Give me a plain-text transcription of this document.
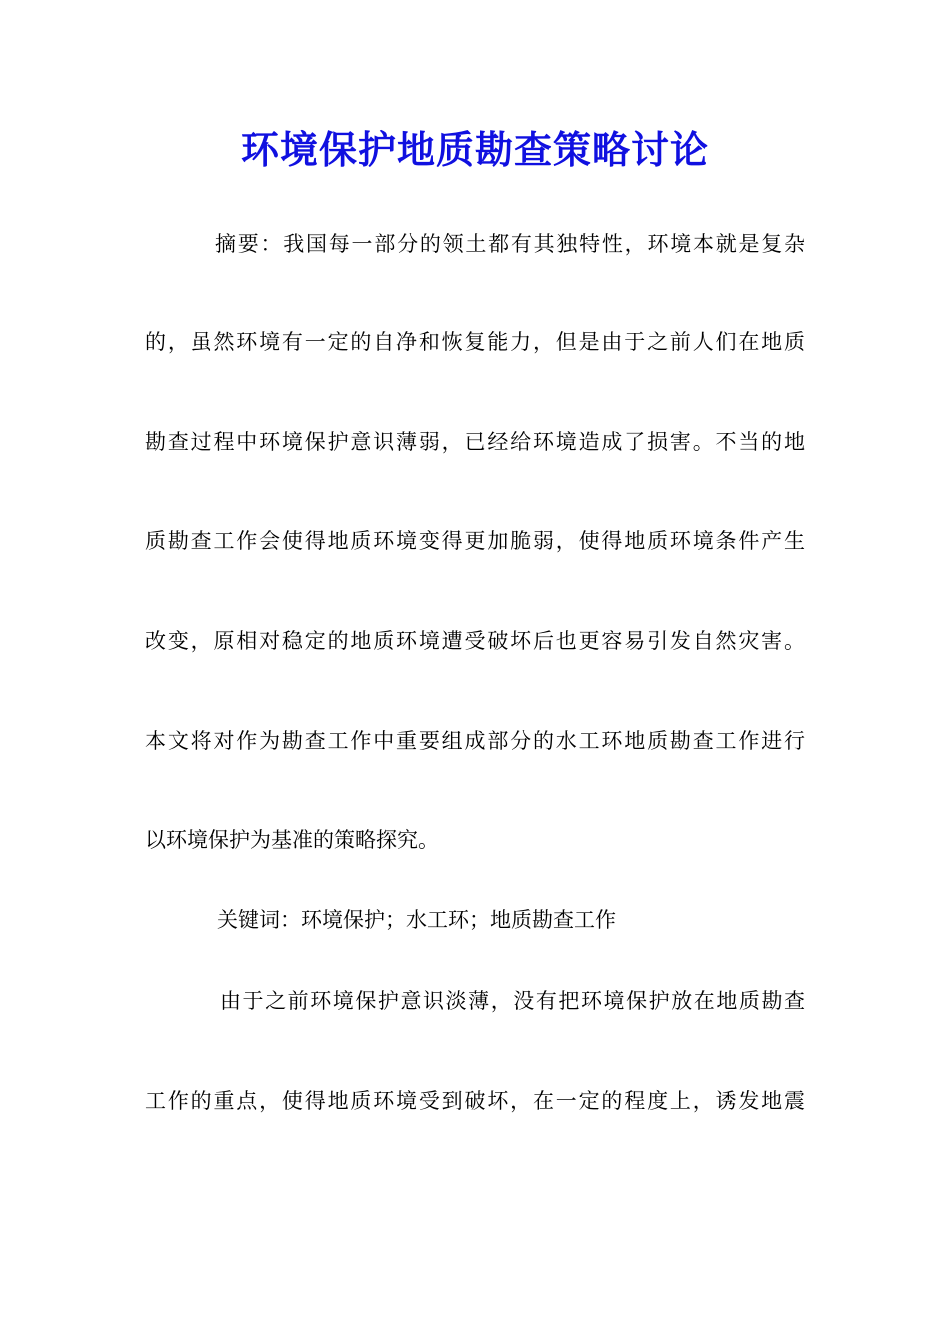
环境保护地质勘查策略讨论
摘要：我国每一部分的领土都有其独特性，环境本就是复杂
的，虽然环境有一定的自净和恢复能力，但是由于之前人们在地质
勘查过程中环境保护意识薄弱，已经给环境造成了损害。不当的地
质勘查工作会使得地质环境变得更加脆弱，使得地质环境条件产生
改变，原相对稳定的地质环境遭受破坏后也更容易引发自然灾害。
本文将对作为勘查工作中重要组成部分的水工环地质勘查工作进行
以环境保护为基准的策略探究。
关键词：环境保护；水工环；地质勘查工作
由于之前环境保护意识淡薄，没有把环境保护放在地质勘查
工作的重点，使得地质环境受到破坏，在一定的程度上，诱发地震
